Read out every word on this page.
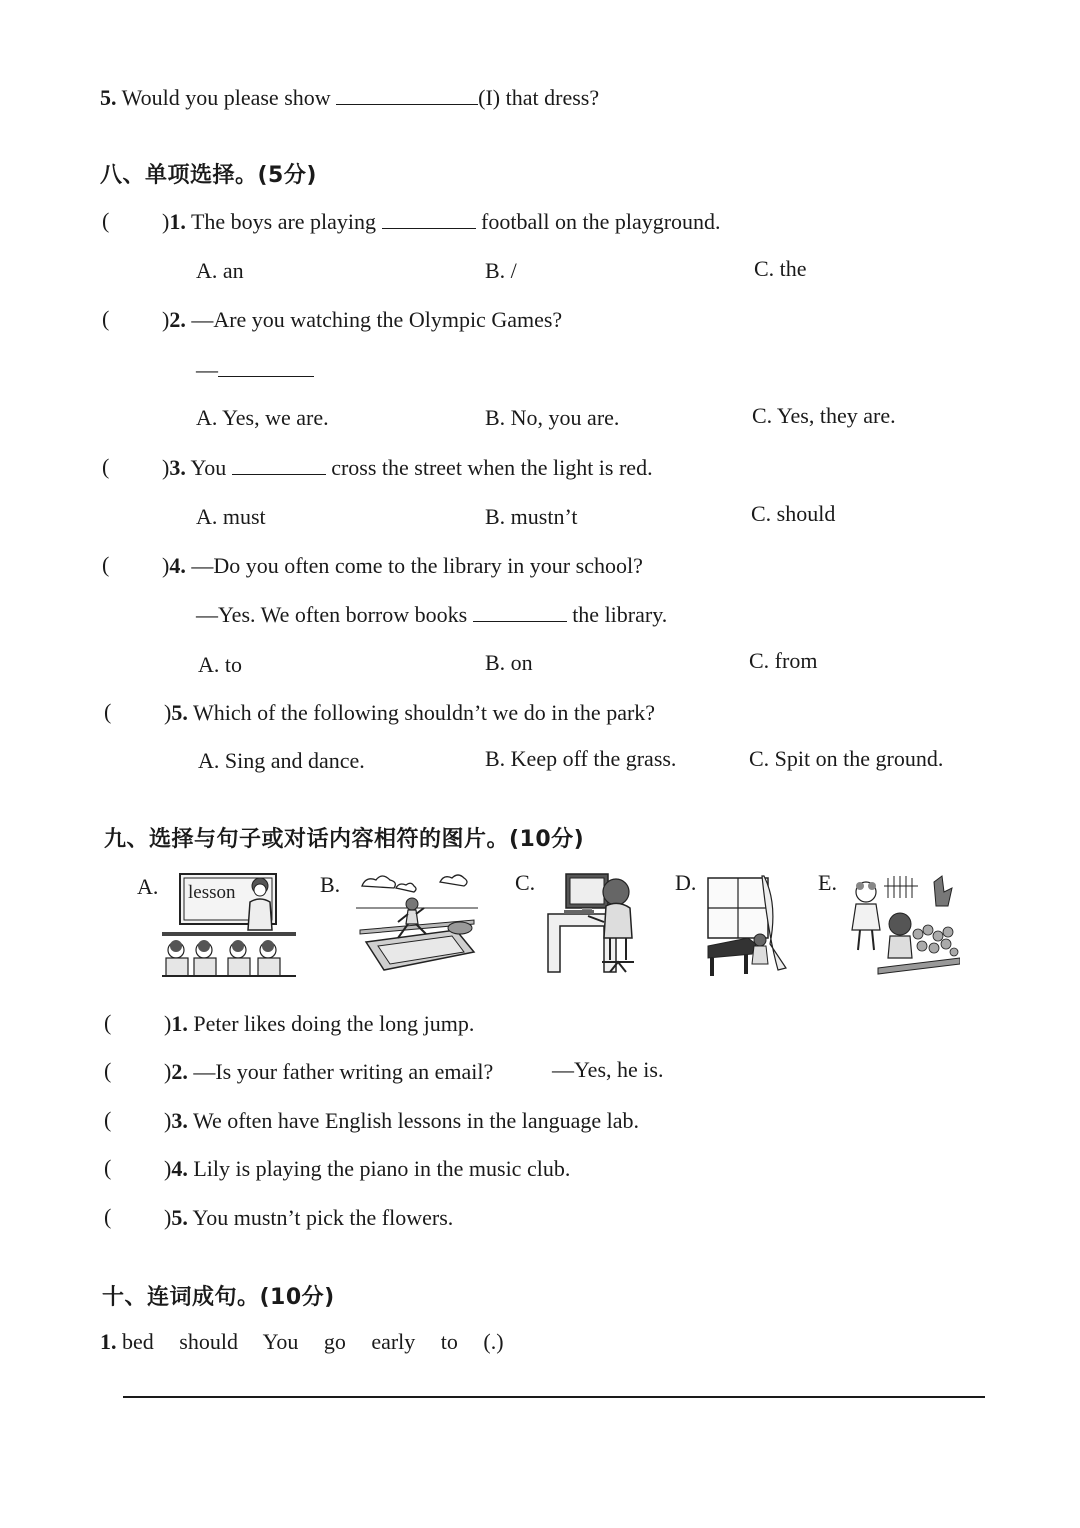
5. Would you please show	(I) that dress?
八、单项选择。(5分)
( )1. The boys are playing	football on the playground.
A. an	B. /	C. the
( )2. —Are you watching the Olympic Games?
—
A. Yes, we are.	B. No, you are.	C. Yes, they are.
( )3. You	cross the street when the light is red.
A. must	B. mustn’t	C. should
( )4. —Do you often come to the library in your school?
—Yes. We often borrow books	the library.
A. to	B. on	C. from
( )5. Which of the following shouldn’t we do in the park?
A. Sing and dance.	B. Keep off the grass.	C. Spit on the ground.
九、选择与句子或对话内容相符的图片。(10分)
A.	B.	C.	D.	E.
lesson
( )1. Peter likes doing the long jump.
( )2. —Is your father writing an email?	—Yes, he is.
( )3. We often have English lessons in the language lab.
( )4. Lily is playing the piano in the music club.
( )5. You mustn’t pick the flowers.
十、连词成句。(10分)
1. bed should You go early to (.)
